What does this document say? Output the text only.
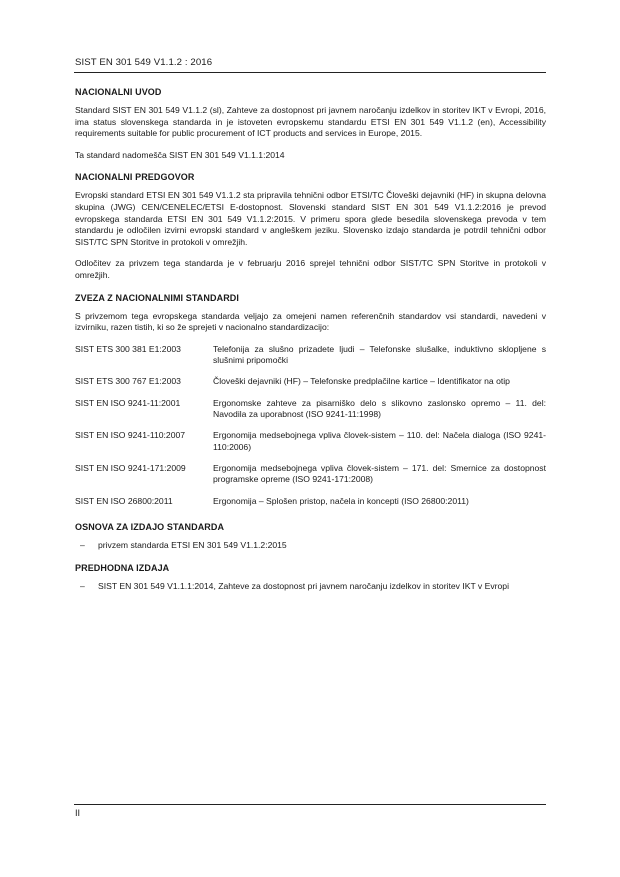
SIST EN 301 549 V1.1.2 : 2016
NACIONALNI UVOD

Standard SIST EN 301 549 V1.1.2 (sl), Zahteve za dostopnost pri javnem naročanju izdelkov in storitev IKT v Evropi, 2016, ima status slovenskega standarda in je istoveten evropskemu standardu ETSI EN 301 549 V1.1.2 (en), Accessibility requirements suitable for public procurement of ICT products and services in Europe, 2015.

Ta standard nadomešča SIST EN 301 549 V1.1.1:2014

NACIONALNI PREDGOVOR

Evropski standard ETSI EN 301 549 V1.1.2 sta pripravila tehnični odbor ETSI/TC Človeški dejavniki (HF) in skupna delovna skupina (JWG) CEN/CENELEC/ETSI E-dostopnost. Slovenski standard SIST EN 301 549 V1.1.2:2016 je prevod evropskega standarda ETSI EN 301 549 V1.1.2:2015. V primeru spora glede besedila slovenskega prevoda v tem standardu je odločilen izvirni evropski standard v angleškem jeziku. Slovensko izdajo standarda je potrdil tehnični odbor SIST/TC SPN Storitve in protokoli v omrežjih.

Odločitev za privzem tega standarda je v februarju 2016 sprejel tehnični odbor SIST/TC SPN Storitve in protokoli v omrežjih.

ZVEZA Z NACIONALNIMI STANDARDI

S privzemom tega evropskega standarda veljajo za omejeni namen referenčnih standardov vsi standardi, navedeni v izvirniku, razen tistih, ki so že sprejeti v nacionalno standardizacijo:

SIST ETS 300 381 E1:2003	Telefonija za slušno prizadete ljudi – Telefonske slušalke, induktivno sklopljene s slušnimi pripomočki
SIST ETS 300 767 E1:2003	Človeški dejavniki (HF) – Telefonske predplačilne kartice – Identifikator na otip
SIST EN ISO 9241-11:2001	Ergonomske zahteve za pisarniško delo s slikovno zaslonsko opremo – 11. del: Navodila za uporabnost (ISO 9241-11:1998)
SIST EN ISO 9241-110:2007	Ergonomija medsebojnega vpliva človek-sistem – 110. del: Načela dialoga (ISO 9241-110:2006)
SIST EN ISO 9241-171:2009	Ergonomija medsebojnega vpliva človek-sistem – 171. del: Smernice za dostopnost programske opreme (ISO 9241-171:2008)
SIST EN ISO 26800:2011	Ergonomija – Splošen pristop, načela in koncepti (ISO 26800:2011)
OSNOVA ZA IZDAJO STANDARDA
–	privzem standarda ETSI EN 301 549 V1.1.2:2015
PREDHODNA IZDAJA
–	SIST EN 301 549 V1.1.1:2014, Zahteve za dostopnost pri javnem naročanju izdelkov in storitev IKT v Evropi
II
